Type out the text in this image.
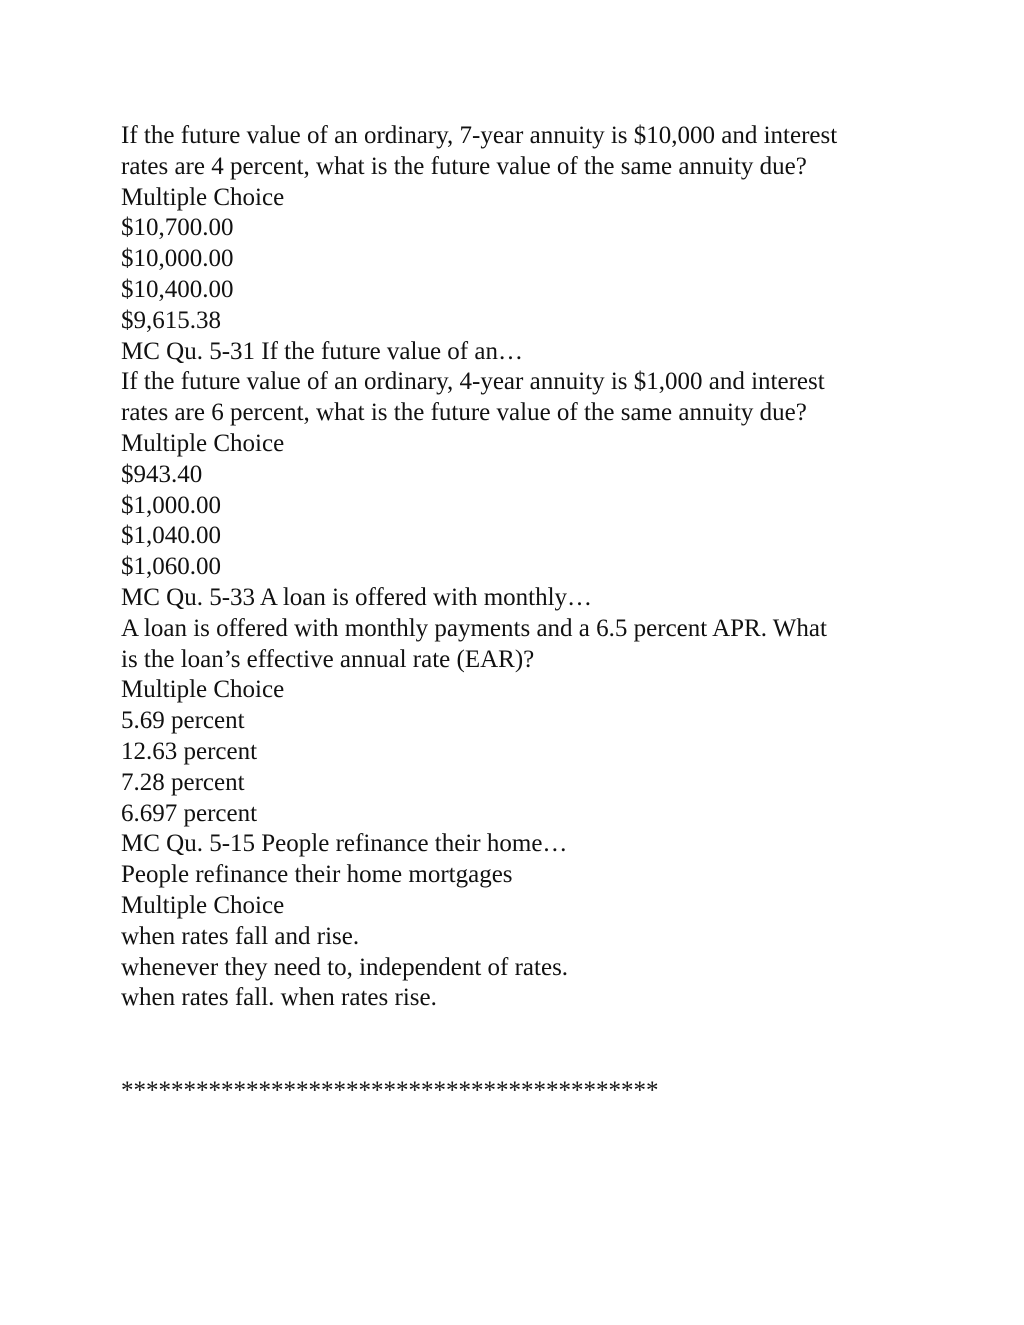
If the future value of an ordinary, 7-year annuity is $10,000 and interest
rates are 4 percent, what is the future value of the same annuity due?
Multiple Choice
$10,700.00
$10,000.00
$10,400.00
$9,615.38
MC Qu. 5-31 If the future value of an…
If the future value of an ordinary, 4-year annuity is $1,000 and interest
rates are 6 percent, what is the future value of the same annuity due?
Multiple Choice
$943.40
$1,000.00
$1,040.00
$1,060.00
MC Qu. 5-33 A loan is offered with monthly…
A loan is offered with monthly payments and a 6.5 percent APR. What
is the loan’s effective annual rate (EAR)?
Multiple Choice
5.69 percent
12.63 percent
7.28 percent
6.697 percent
MC Qu. 5-15 People refinance their home…
People refinance their home mortgages
Multiple Choice
when rates fall and rise.
whenever they need to, independent of rates.
when rates fall. when rates rise.
*******************************************
